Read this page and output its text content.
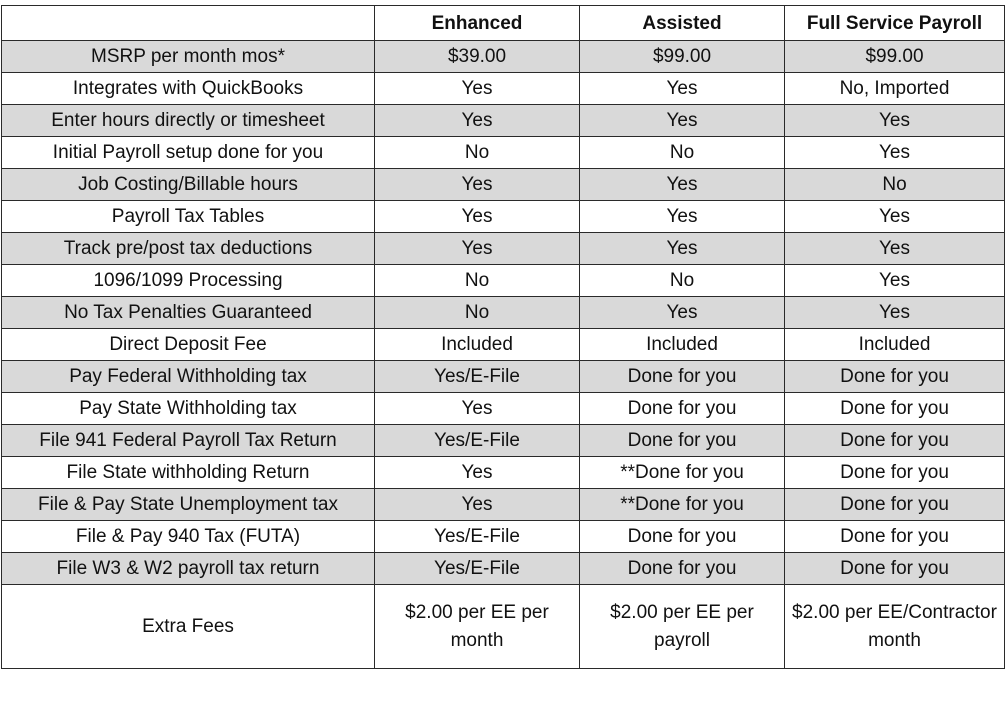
	Enhanced	Assisted	Full Service Payroll
MSRP per month mos*	$39.00	$99.00	$99.00
Integrates with QuickBooks	Yes	Yes	No, Imported
Enter hours directly or timesheet	Yes	Yes	Yes
Initial Payroll setup done for you	No	No	Yes
Job Costing/Billable hours	Yes	Yes	No
Payroll Tax Tables	Yes	Yes	Yes
Track pre/post tax deductions	Yes	Yes	Yes
1096/1099 Processing	No	No	Yes
No Tax Penalties Guaranteed	No	Yes	Yes
Direct Deposit Fee	Included	Included	Included
Pay Federal Withholding tax	Yes/E-File	Done for you	Done for you
Pay State Withholding tax	Yes	Done for you	Done for you
File 941 Federal Payroll Tax Return	Yes/E-File	Done for you	Done for you
File State withholding Return	Yes	**Done for you	Done for you
File & Pay State Unemployment tax	Yes	**Done for you	Done for you
File & Pay 940 Tax (FUTA)	Yes/E-File	Done for you	Done for you
File W3 & W2 payroll tax return	Yes/E-File	Done for you	Done for you
Extra Fees	$2.00 per EE per month	$2.00 per EE per payroll	$2.00 per EE/Contractor month
